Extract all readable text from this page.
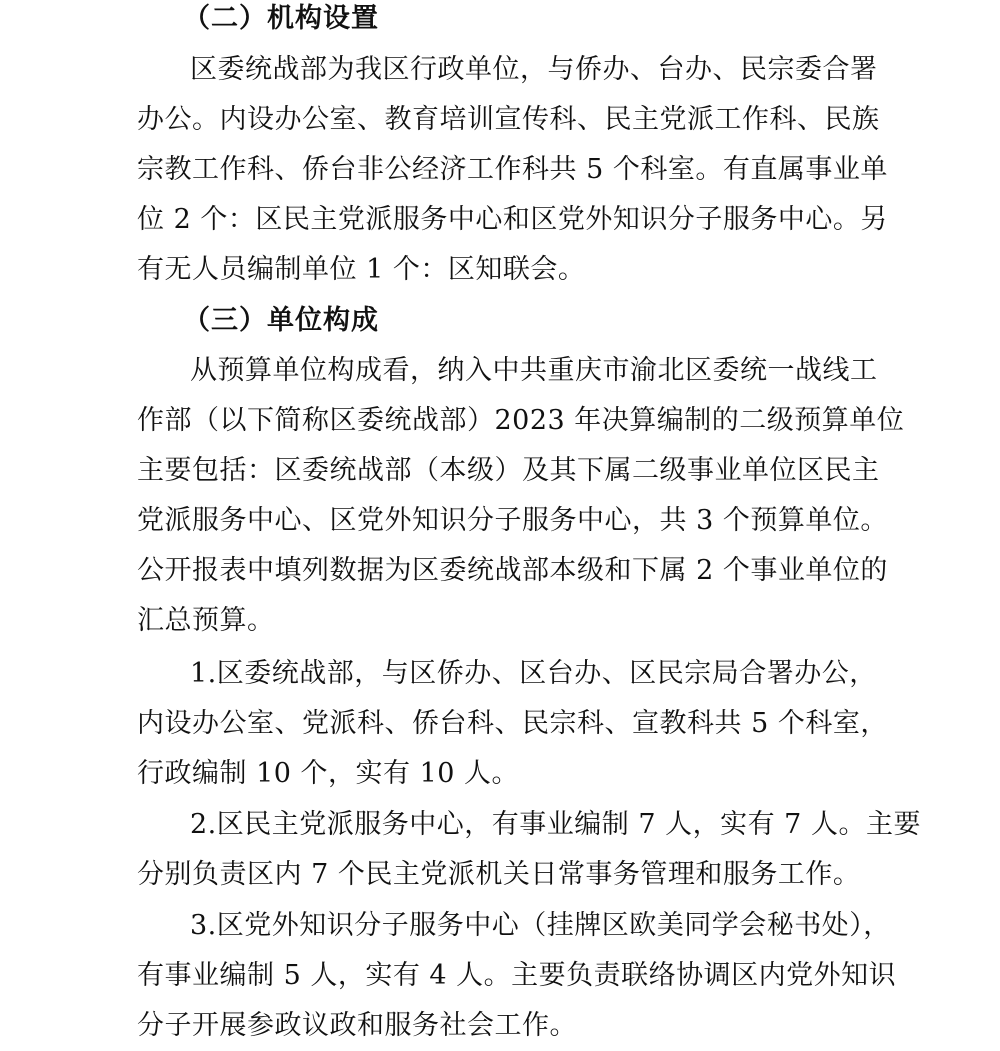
（二）机构设置
区委统战部为我区行政单位，与侨办、台办、民宗委合署
办公。内设办公室、教育培训宣传科、民主党派工作科、民族
宗教工作科、侨台非公经济工作科共 5 个科室。有直属事业单
位 2 个：区民主党派服务中心和区党外知识分子服务中心。另
有无人员编制单位 1 个：区知联会。
（三）单位构成
从预算单位构成看，纳入中共重庆市渝北区委统一战线工
作部（以下简称区委统战部）2023 年决算编制的二级预算单位
主要包括：区委统战部（本级）及其下属二级事业单位区民主
党派服务中心、区党外知识分子服务中心，共 3 个预算单位。
公开报表中填列数据为区委统战部本级和下属 2 个事业单位的
汇总预算。
1.区委统战部，与区侨办、区台办、区民宗局合署办公，
内设办公室、党派科、侨台科、民宗科、宣教科共 5 个科室，
行政编制 10 个，实有 10 人。
2.区民主党派服务中心，有事业编制 7 人，实有 7 人。主要
分别负责区内 7 个民主党派机关日常事务管理和服务工作。
3.区党外知识分子服务中心（挂牌区欧美同学会秘书处），
有事业编制 5 人，实有 4 人。主要负责联络协调区内党外知识
分子开展参政议政和服务社会工作。
